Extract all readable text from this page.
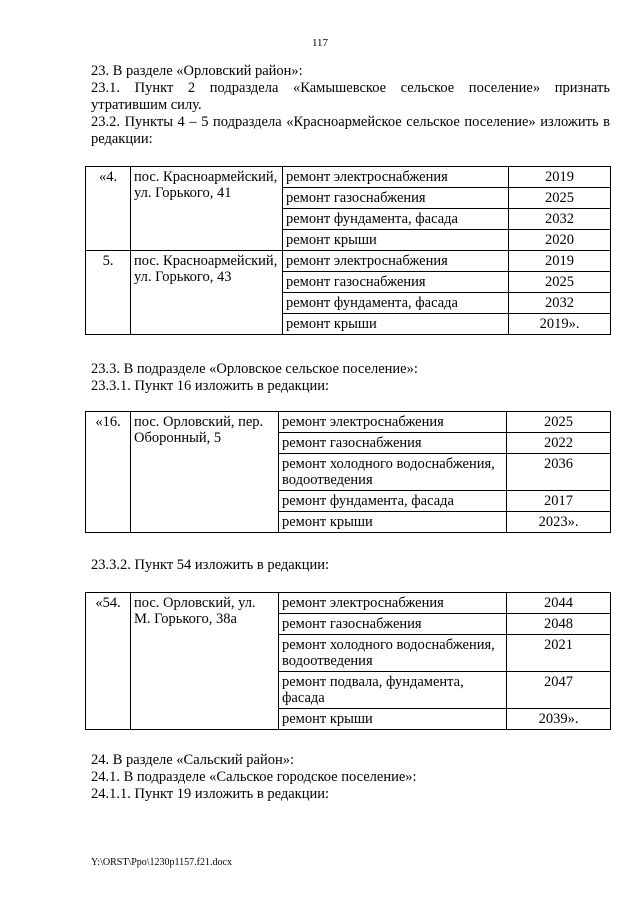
117
23. В разделе «Орловский район»:
23.1. Пункт 2 подраздела «Камышевское сельское поселение» признать утратившим силу.
23.2. Пункты 4 – 5 подраздела «Красноармейское сельское поселение» изложить в редакции:
«4.	пос. Красноармейский, ул. Горького, 41	ремонт электроснабжения	2019
		ремонт газоснабжения	2025
		ремонт фундамента, фасада	2032
		ремонт крыши	2020
5.	пос. Красноармейский, ул. Горького, 43	ремонт электроснабжения	2019
		ремонт газоснабжения	2025
		ремонт фундамента, фасада	2032
		ремонт крыши	2019».
23.3. В подразделе «Орловское сельское поселение»:
23.3.1. Пункт 16 изложить в редакции:
«16.	пос. Орловский, пер. Оборонный, 5	ремонт электроснабжения	2025
		ремонт газоснабжения	2022
		ремонт холодного водоснабжения, водоотведения	2036
		ремонт фундамента, фасада	2017
		ремонт крыши	2023».
23.3.2. Пункт 54 изложить в редакции:
«54.	пос. Орловский, ул. М. Горького, 38а	ремонт электроснабжения	2044
		ремонт газоснабжения	2048
		ремонт холодного водоснабжения, водоотведения	2021
		ремонт подвала, фундамента, фасада	2047
		ремонт крыши	2039».
24. В разделе «Сальский район»:
24.1. В подразделе «Сальское городское поселение»:
24.1.1. Пункт 19 изложить в редакции:
Y:\ORST\Ppo\1230p1157.f21.docx
